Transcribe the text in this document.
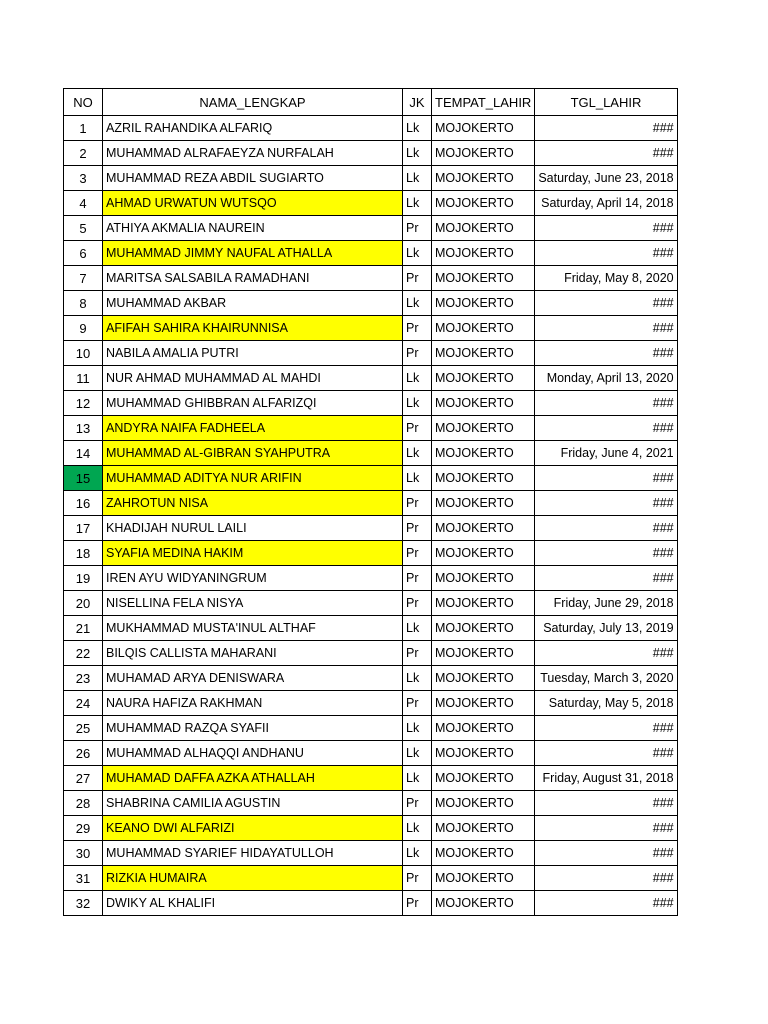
NO	NAMA_LENGKAP	JK	TEMPAT_LAHIR	TGL_LAHIR
1	AZRIL RAHANDIKA ALFARIQ	Lk	MOJOKERTO	###
2	MUHAMMAD ALRAFAEYZA NURFALAH	Lk	MOJOKERTO	###
3	MUHAMMAD REZA ABDIL SUGIARTO	Lk	MOJOKERTO	Saturday, June 23, 2018
4	AHMAD URWATUN WUTSQO	Lk	MOJOKERTO	Saturday, April 14, 2018
5	ATHIYA AKMALIA NAUREIN	Pr	MOJOKERTO	###
6	MUHAMMAD JIMMY NAUFAL ATHALLA	Lk	MOJOKERTO	###
7	MARITSA SALSABILA RAMADHANI	Pr	MOJOKERTO	Friday, May 8, 2020
8	MUHAMMAD AKBAR	Lk	MOJOKERTO	###
9	AFIFAH SAHIRA KHAIRUNNISA	Pr	MOJOKERTO	###
10	NABILA AMALIA PUTRI	Pr	MOJOKERTO	###
11	NUR AHMAD MUHAMMAD AL MAHDI	Lk	MOJOKERTO	Monday, April 13, 2020
12	MUHAMMAD GHIBBRAN ALFARIZQI	Lk	MOJOKERTO	###
13	ANDYRA NAIFA FADHEELA	Pr	MOJOKERTO	###
14	MUHAMMAD AL-GIBRAN SYAHPUTRA	Lk	MOJOKERTO	Friday, June 4, 2021
15	MUHAMMAD ADITYA NUR ARIFIN	Lk	MOJOKERTO	###
16	ZAHROTUN NISA	Pr	MOJOKERTO	###
17	KHADIJAH NURUL LAILI	Pr	MOJOKERTO	###
18	SYAFIA MEDINA HAKIM	Pr	MOJOKERTO	###
19	IREN AYU WIDYANINGRUM	Pr	MOJOKERTO	###
20	NISELLINA FELA NISYA	Pr	MOJOKERTO	Friday, June 29, 2018
21	MUKHAMMAD MUSTA'INUL ALTHAF	Lk	MOJOKERTO	Saturday, July 13, 2019
22	BILQIS CALLISTA MAHARANI	Pr	MOJOKERTO	###
23	MUHAMAD ARYA DENISWARA	Lk	MOJOKERTO	Tuesday, March 3, 2020
24	NAURA HAFIZA RAKHMAN	Pr	MOJOKERTO	Saturday, May 5, 2018
25	MUHAMMAD RAZQA SYAFII	Lk	MOJOKERTO	###
26	MUHAMMAD ALHAQQI ANDHANU	Lk	MOJOKERTO	###
27	MUHAMAD DAFFA AZKA ATHALLAH	Lk	MOJOKERTO	Friday, August 31, 2018
28	SHABRINA CAMILIA AGUSTIN	Pr	MOJOKERTO	###
29	KEANO DWI ALFARIZI	Lk	MOJOKERTO	###
30	MUHAMMAD SYARIEF HIDAYATULLOH	Lk	MOJOKERTO	###
31	RIZKIA HUMAIRA	Pr	MOJOKERTO	###
32	DWIKY AL KHALIFI	Pr	MOJOKERTO	###
